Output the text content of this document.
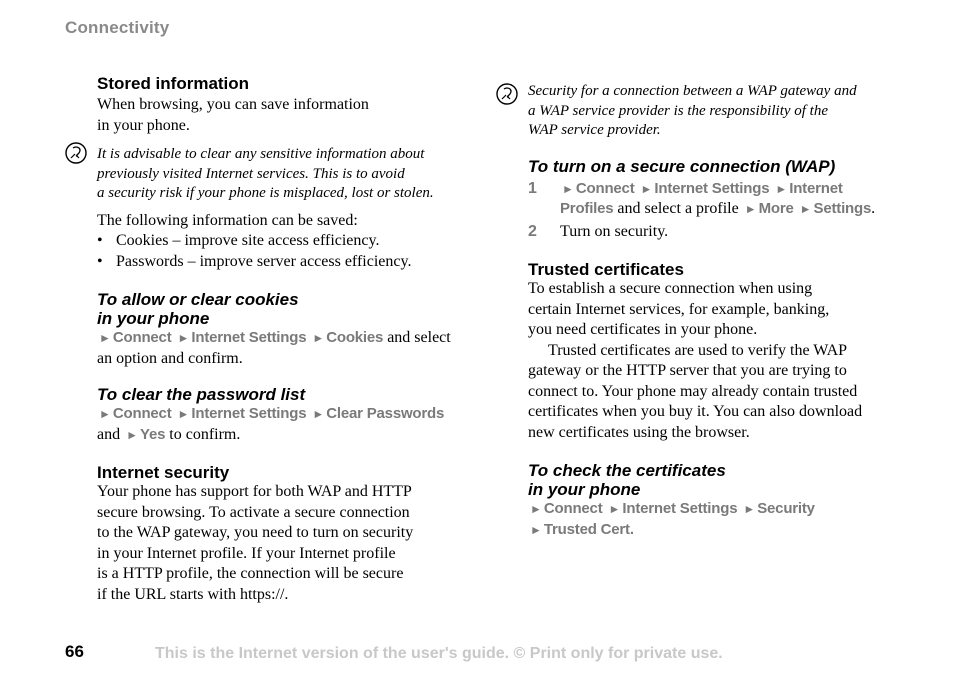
Connectivity
Stored information

When browsing, you can save information
in your phone.

It is advisable to clear any sensitive information about
previously visited Internet services. This is to avoid
a security risk if your phone is misplaced, lost or stolen.

The following information can be saved:

• Cookies – improve site access efficiency.
• Passwords – improve server access efficiency.
To allow or clear cookies
in your phone

► Connect ► Internet Settings ► Cookies and select
an option and confirm.

To clear the password list

► Connect ► Internet Settings ► Clear Passwords
and ► Yes to confirm.

Internet security

Your phone has support for both WAP and HTTP
secure browsing. To activate a secure connection
to the WAP gateway, you need to turn on security
in your Internet profile. If your Internet profile
is a HTTP profile, the connection will be secure
if the URL starts with https://.

Security for a connection between a WAP gateway and
a WAP service provider is the responsibility of the
WAP service provider.
To turn on a secure connection (WAP)
1 ► Connect ► Internet Settings ► Internet
Profiles and select a profile ► More ► Settings.
2 Turn on security.
Trusted certificates

To establish a secure connection when using
certain Internet services, for example, banking,
you need certificates in your phone.

Trusted certificates are used to verify the WAP
gateway or the HTTP server that you are trying to
connect to. Your phone may already contain trusted
certificates when you buy it. You can also download
new certificates using the browser.

To check the certificates
in your phone

► Connect ► Internet Settings ► Security
► Trusted Cert.

66	This is the Internet version of the user's guide. © Print only for private use.
